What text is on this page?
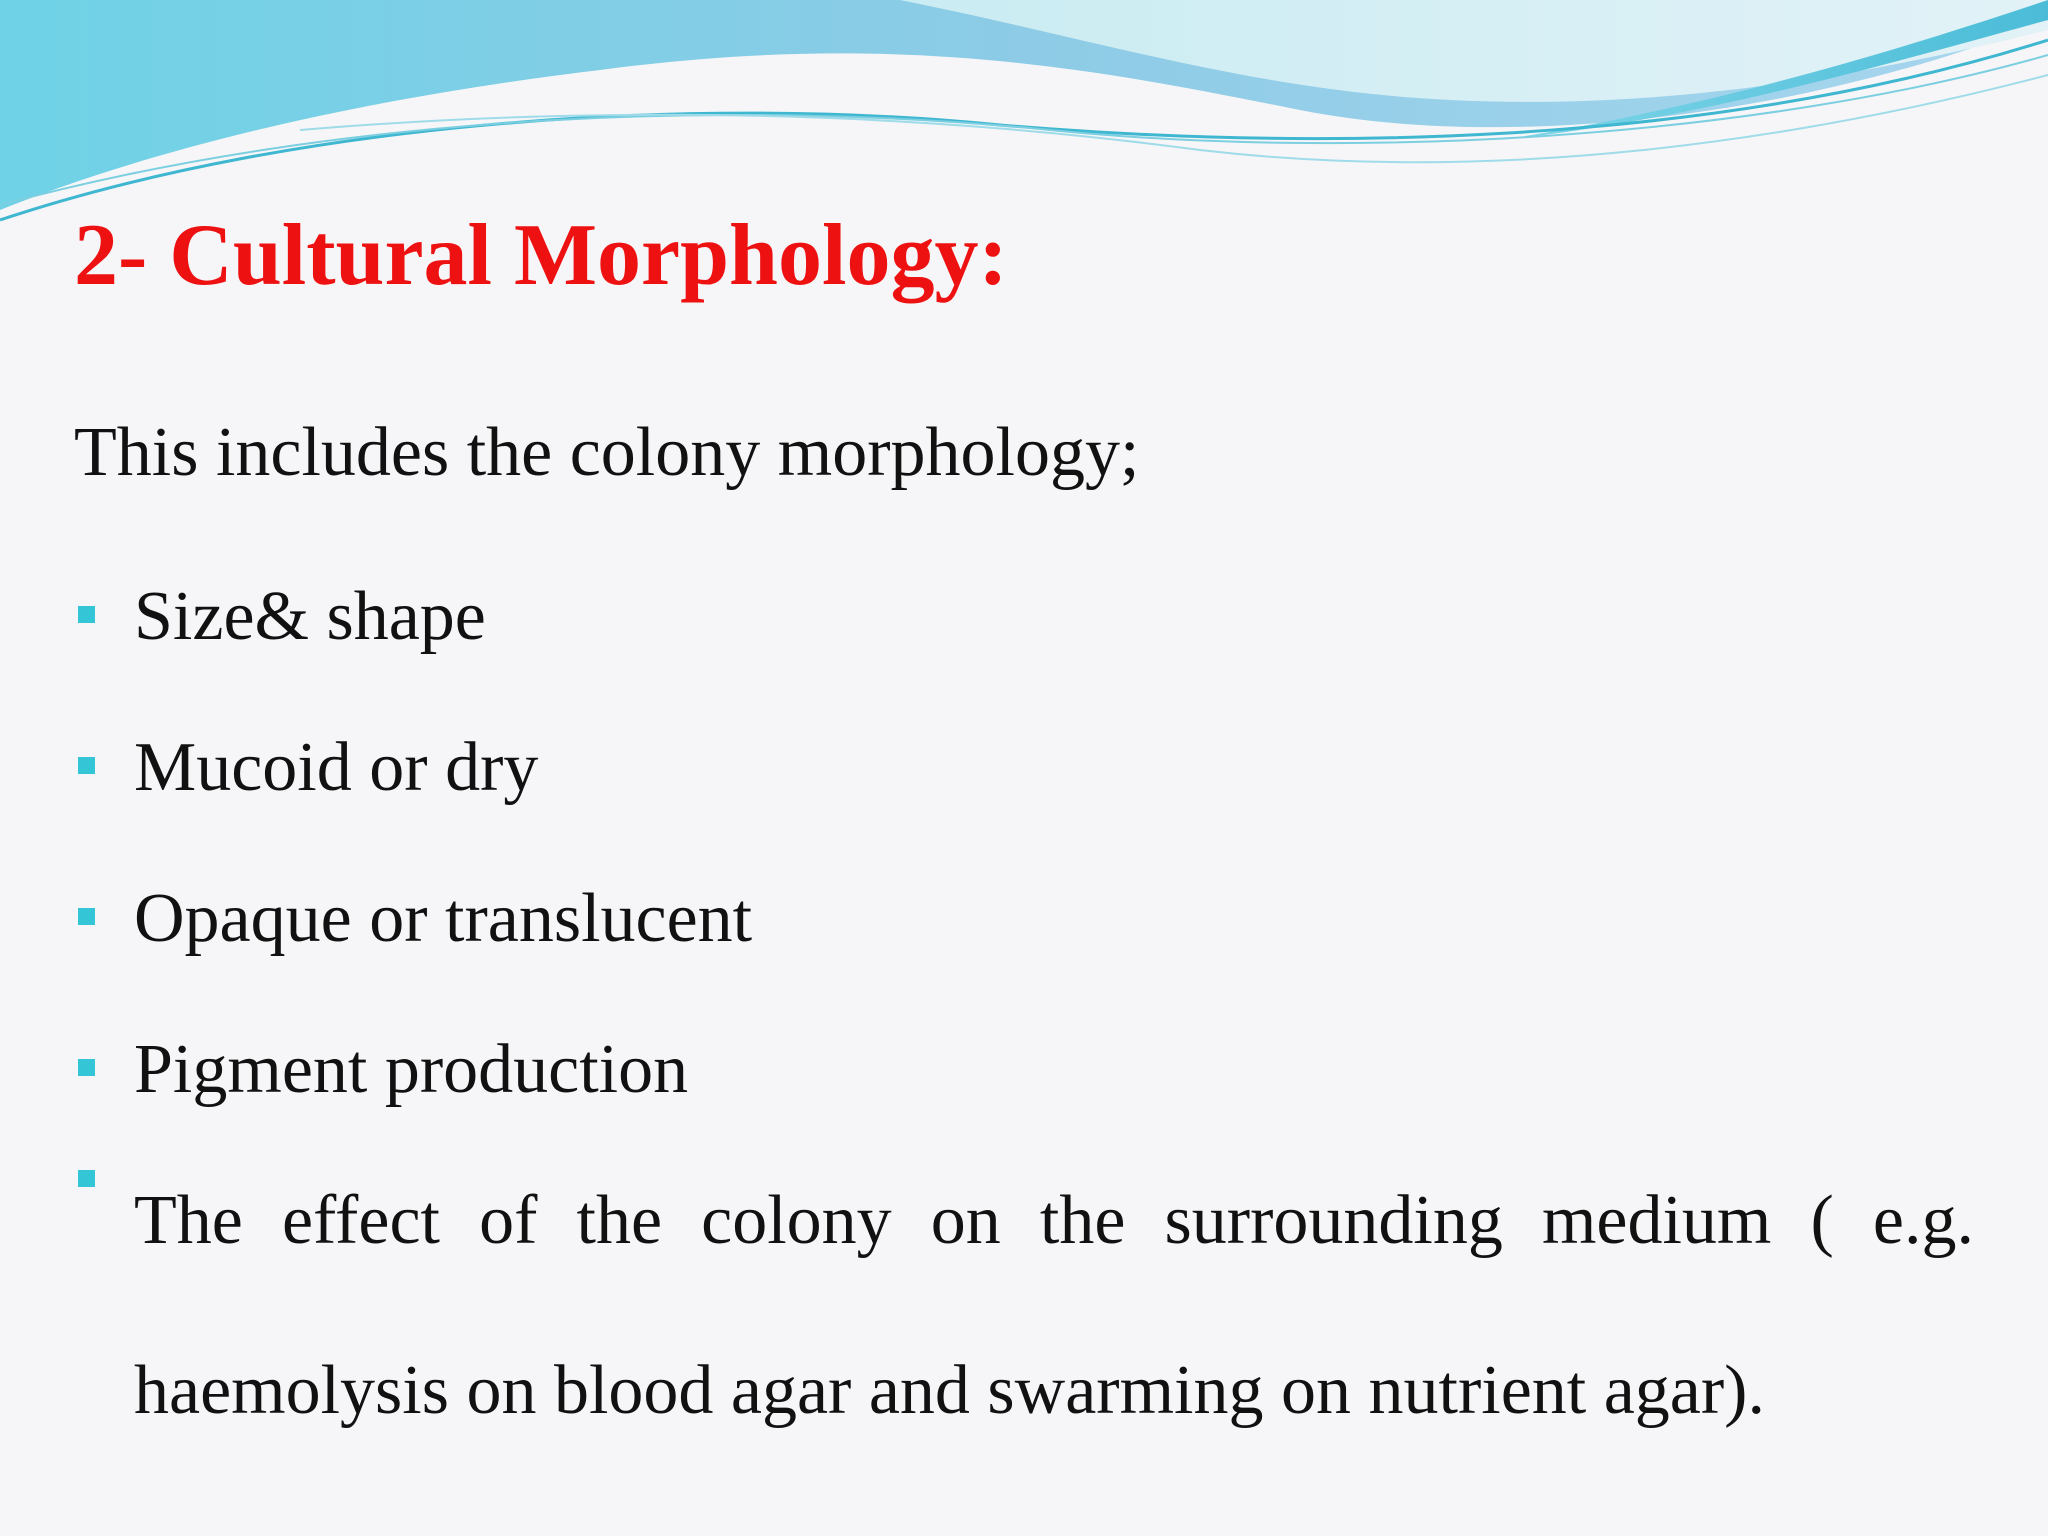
2- Cultural Morphology:

This includes the colony morphology;

Size& shape
Mucoid or dry
Opaque or translucent
Pigment production
The effect of the colony on the surrounding medium ( e.g. haemolysis on blood agar and swarming on nutrient agar).
